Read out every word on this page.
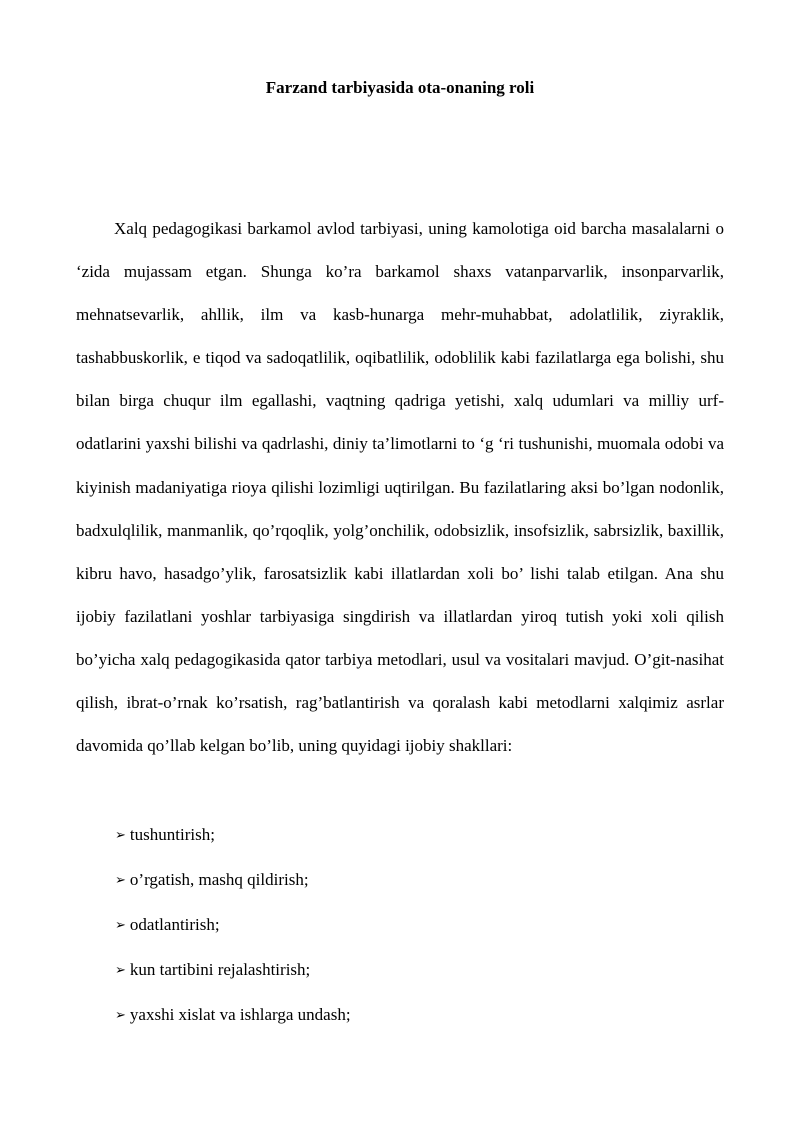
Farzand tarbiyasida ota-onaning roli

Xalq pedagogikasi barkamol avlod tarbiyasi, uning kamolotiga oid barcha masalalarni o ‘zida mujassam etgan. Shunga ko’ra barkamol shaxs vatanparvarlik, insonparvarlik, mehnatsevarlik, ahllik, ilm va kasb-hunarga mehr-muhabbat, adolatlilik, ziyraklik, tashabbuskorlik, e tiqod va sadoqatlilik, oqibatlilik, odoblilik kabi fazilatlarga ega bolishi, shu bilan birga chuqur ilm egallashi, vaqtning qadriga yetishi, xalq udumlari va milliy urf-odatlarini yaxshi bilishi va qadrlashi, diniy ta’limotlarni to ‘g ‘ri tushunishi, muomala odobi va kiyinish madaniyatiga rioya qilishi lozimligi uqtirilgan. Bu fazilatlaring aksi bo’lgan nodonlik, badxulqlilik, manmanlik, qo’rqoqlik, yolg’onchilik, odobsizlik, insofsizlik, sabrsizlik, baxillik, kibru havo, hasadgo’ylik, farosatsizlik kabi illatlardan xoli bo’ lishi talab etilgan. Ana shu ijobiy fazilatlani yoshlar tarbiyasiga singdirish va illatlardan yiroq tutish yoki xoli qilish bo’yicha xalq pedagogikasida qator tarbiya metodlari, usul va vositalari mavjud. O’git-nasihat qilish, ibrat-o’rnak ko’rsatish, rag’batlantirish va qoralash kabi metodlarni xalqimiz asrlar davomida qo’llab kelgan bo’lib, uning quyidagi ijobiy shakllari:

➢ tushuntirish;
➢ o’rgatish, mashq qildirish;
➢ odatlantirish;
➢ kun tartibini rejalashtirish;
➢ yaxshi xislat va ishlarga undash;
